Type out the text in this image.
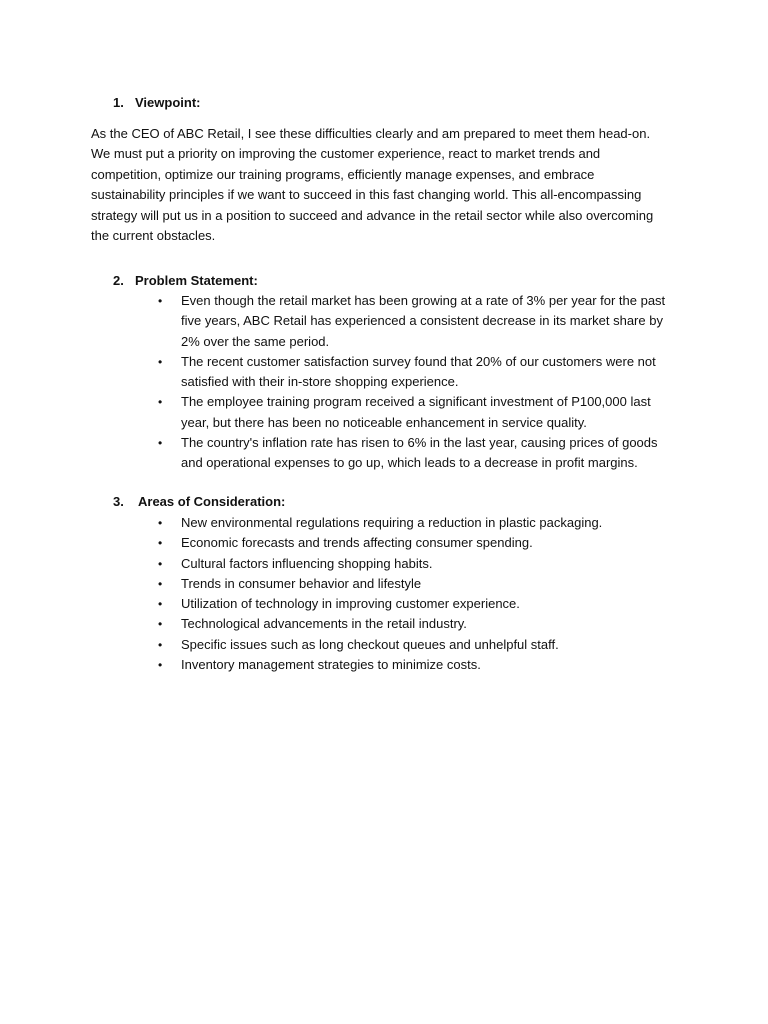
1. Viewpoint:

As the CEO of ABC Retail, I see these difficulties clearly and am prepared to meet them head-on. We must put a priority on improving the customer experience, react to market trends and competition, optimize our training programs, efficiently manage expenses, and embrace sustainability principles if we want to succeed in this fast changing world. This all-encompassing strategy will put us in a position to succeed and advance in the retail sector while also overcoming the current obstacles.

2. Problem Statement:
• Even though the retail market has been growing at a rate of 3% per year for the past five years, ABC Retail has experienced a consistent decrease in its market share by 2% over the same period.
• The recent customer satisfaction survey found that 20% of our customers were not satisfied with their in-store shopping experience.
• The employee training program received a significant investment of P100,000 last year, but there has been no noticeable enhancement in service quality.
• The country's inflation rate has risen to 6% in the last year, causing prices of goods and operational expenses to go up, which leads to a decrease in profit margins.
3. Areas of Consideration:
• New environmental regulations requiring a reduction in plastic packaging.
• Economic forecasts and trends affecting consumer spending.
• Cultural factors influencing shopping habits.
• Trends in consumer behavior and lifestyle
• Utilization of technology in improving customer experience.
• Technological advancements in the retail industry.
• Specific issues such as long checkout queues and unhelpful staff.
• Inventory management strategies to minimize costs.
